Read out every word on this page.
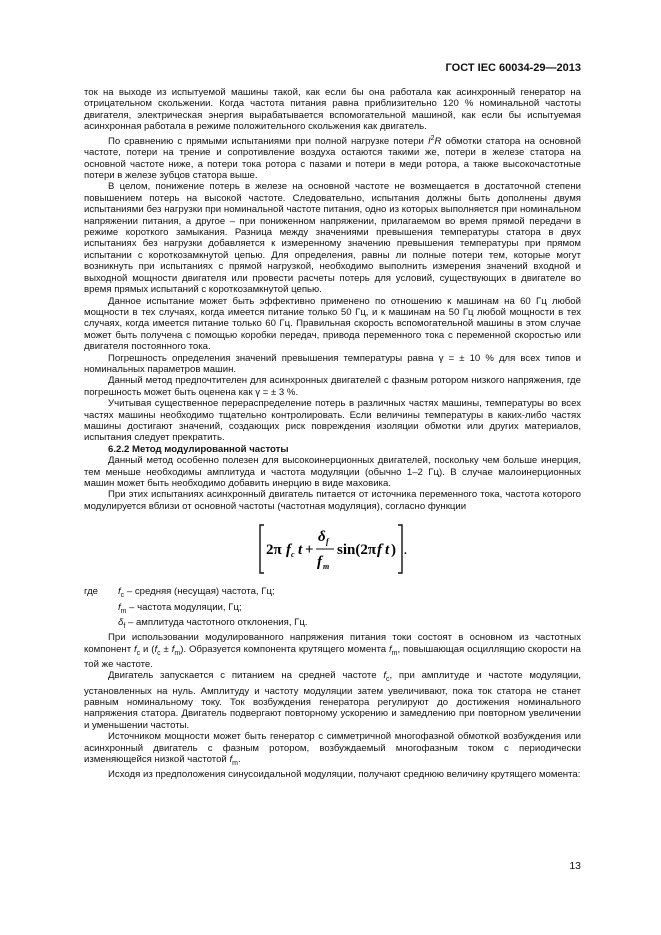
ГОСТ IEC 60034-29—2013

ток на выходе из испытуемой машины такой, как если бы она работала как асинхронный генератор на отрицательном скольжении. Когда частота питания равна приблизительно 120 % номинальной частоты двигателя, электрическая энергия вырабатывается вспомогательной машиной, как если бы испытуемая асинхронная работала в режиме положительного скольжения как двигатель.

По сравнению с прямыми испытаниями при полной нагрузке потери $I^2R$ обмотки статора на основной частоте, потери на трение и сопротивление воздуха остаются такими же, потери в железе статора на основной частоте ниже, а потери тока ротора с пазами и потери в меди ротора, а также высокочастотные потери в железе зубцов статора выше.

В целом, понижение потерь в железе на основной частоте не возмещается в достаточной степени повышением потерь на высокой частоте. Следовательно, испытания должны быть дополнены двумя испытаниями без нагрузки при номинальной частоте питания, одно из которых выполняется при номинальном напряжении питания, а другое – при пониженном напряжении, прилагаемом во время прямой передачи в режиме короткого замыкания. Разница между значениями превышения температуры статора в двух испытаниях без нагрузки добавляется к измеренному значению превышения температуры при прямом испытании с короткозамкнутой цепью. Для определения, равны ли полные потери тем, которые могут возникнуть при испытаниях с прямой нагрузкой, необходимо выполнить измерения значений входной и выходной мощности двигателя или провести расчеты потерь для условий, существующих в двигателе во время прямых испытаний с короткозамкнутой цепью.

Данное испытание может быть эффективно применено по отношению к машинам на 60 Гц любой мощности в тех случаях, когда имеется питание только 50 Гц, и к машинам на 50 Гц любой мощности в тех случаях, когда имеется питание только 60 Гц. Правильная скорость вспомогательной машины в этом случае может быть получена с помощью коробки передач, привода переменного тока с переменной скоростью или двигателя постоянного тока.

Погрешность определения значений превышения температуры равна γ = ± 10 % для всех типов и номинальных параметров машин.

Данный метод предпочтителен для асинхронных двигателей с фазным ротором низкого напряжения, где погрешность может быть оценена как γ = ± 3 %.

Учитывая существенное перераспределение потерь в различных частях машины, температуры во всех частях машины необходимо тщательно контролировать. Если величины температуры в каких-либо частях машины достигают значений, создающих риск повреждения изоляции обмотки или других материалов, испытания следует прекратить.

6.2.2 Метод модулированной частоты

Данный метод особенно полезен для высокоинерционных двигателей, поскольку чем больше инерция, тем меньше необходимы амплитуда и частота модуляции (обычно 1–2 Гц). В случае малоинерционных машин может быть необходимо добавить инерцию в виде маховика.

При этих испытаниях асинхронный двигатель питается от источника переменного тока, частота которого модулируется вблизи от основной частоты (частотная модуляция), согласно функции

2π f c t +
δ f
f m
sin(2π f ' t ) .
где	$f_c$ – средняя (несущая) частота, Гц;
$f_m$ – частота модуляции, Гц;
$\delta_f$ – амплитуда частотного отклонения, Гц.

При использовании модулированного напряжения питания токи состоят в основном из частотных компонент $f_c$ и $(f_c \pm f_m)$. Образуется компонента крутящего момента $f_m$, повышающая осциллящию скорости на той же частоте.

Двигатель запускается с питанием на средней частоте $f_c$, при амплитуде и частоте модуляции, установленных на нуль. Амплитуду и частоту модуляции затем увеличивают, пока ток статора не станет равным номинальному току. Ток возбуждения генератора регулируют до достижения номинального напряжения статора. Двигатель подвергают повторному ускорению и замедлению при повторном увеличении и уменьшении частоты.

Источником мощности может быть генератор с симметричной многофазной обмоткой возбуждения или асинхронный двигатель с фазным ротором, возбуждаемый многофазным током с периодически изменяющейся низкой частотой $f_m$.

Исходя из предположения синусоидальной модуляции, получают среднюю величину крутящего момента:

13
